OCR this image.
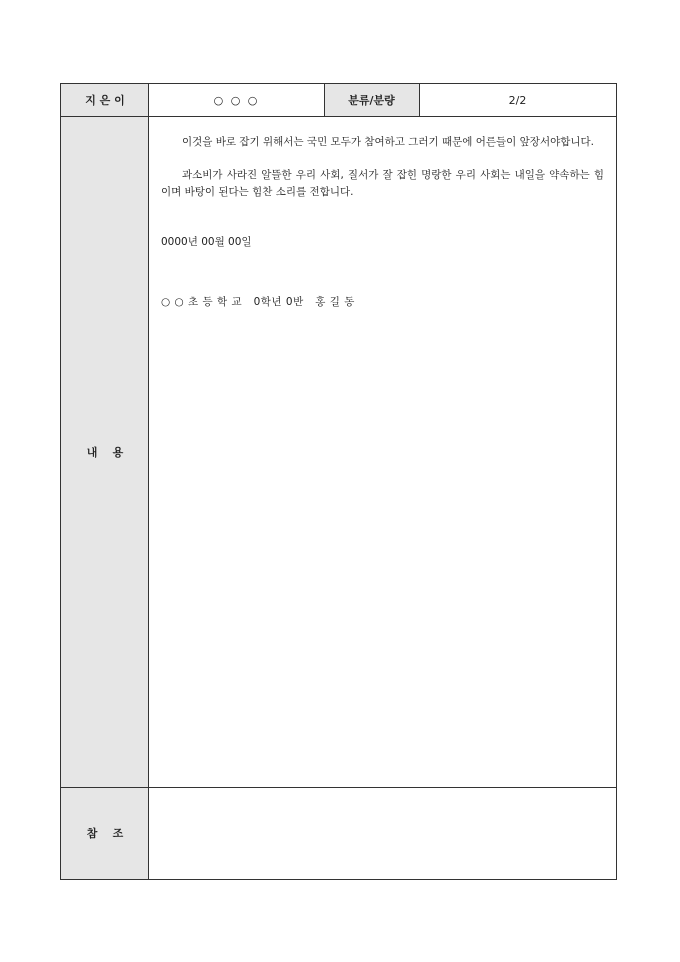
지 은 이	○ ○ ○	분류/분량	2/2
내    용

이것을 바로 잡기 위해서는 국민 모두가 참여하고 그러기 때문에 어른들이 앞장서야합니다.

과소비가 사라진 알뜰한 우리 사회, 질서가 잘 잡힌 명랑한 우리 사회는 내일을 약속하는 힘이며 바탕이 된다는 힘찬 소리를 전합니다.

0000년 00월 00일

○ ○ 초 등 학 교   0학년 0반   홍 길 동

참    조
